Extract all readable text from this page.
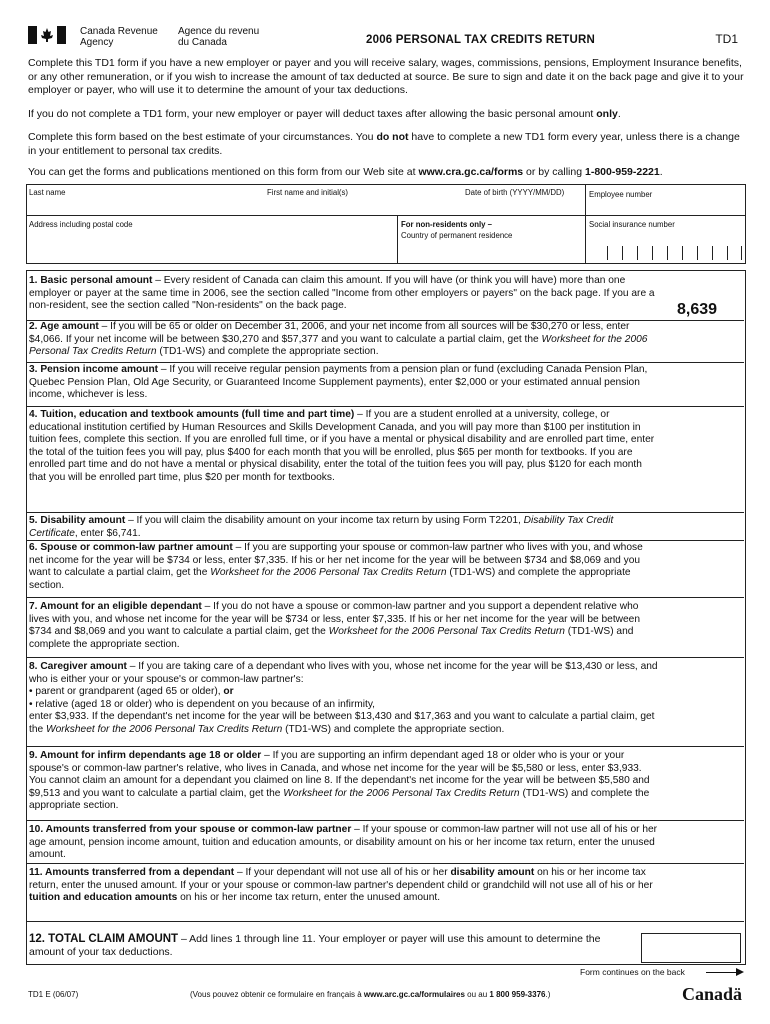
Canada Revenue
Agency
Agence du revenu
du Canada	2006 PERSONAL TAX CREDITS RETURN	TD1

Complete this TD1 form if you have a new employer or payer and you will receive salary, wages, commissions, pensions, Employment Insurance benefits, or any other remuneration, or if you wish to increase the amount of tax deducted at source. Be sure to sign and date it on the back page and give it to your employer or payer, who will use it to determine the amount of your tax deductions.

If you do not complete a TD1 form, your new employer or payer will deduct taxes after allowing the basic personal amount only.

Complete this form based on the best estimate of your circumstances. You do not have to complete a new TD1 form every year, unless there is a change in your entitlement to personal tax credits.

You can get the forms and publications mentioned on this form from our Web site at www.cra.gc.ca/forms or by calling 1-800-959-2221.

Last name	First name and initial(s)	Date of birth (YYYY/MM/DD)	Employee number
Address including postal code	For non-residents only –
Country of permanent residence
Social insurance number
1. Basic personal amount – Every resident of Canada can claim this amount. If you will have (or think you will have) more than one employer or payer at the same time in 2006, see the section called "Income from other employers or payers" on the back page. If you are a non-resident, see the section called "Non-residents" on the back page.	8,639
2. Age amount – If you will be 65 or older on December 31, 2006, and your net income from all sources will be $30,270 or less, enter $4,066. If your net income will be between $30,270 and $57,377 and you want to calculate a partial claim, get the Worksheet for the 2006 Personal Tax Credits Return (TD1-WS) and complete the appropriate section.
3. Pension income amount – If you will receive regular pension payments from a pension plan or fund (excluding Canada Pension Plan, Quebec Pension Plan, Old Age Security, or Guaranteed Income Supplement payments), enter $2,000 or your estimated annual pension income, whichever is less.
4. Tuition, education and textbook amounts (full time and part time) – If you are a student enrolled at a university, college, or educational institution certified by Human Resources and Skills Development Canada, and you will pay more than $100 per institution in tuition fees, complete this section. If you are enrolled full time, or if you have a mental or physical disability and are enrolled part time, enter the total of the tuition fees you will pay, plus $400 for each month that you will be enrolled, plus $65 per month for textbooks. If you are enrolled part time and do not have a mental or physical disability, enter the total of the tuition fees you will pay, plus $120 for each month that you will be enrolled part time, plus $20 per month for textbooks.
5. Disability amount – If you will claim the disability amount on your income tax return by using Form T2201, Disability Tax Credit Certificate, enter $6,741.
6. Spouse or common-law partner amount – If you are supporting your spouse or common-law partner who lives with you, and whose net income for the year will be $734 or less, enter $7,335. If his or her net income for the year will be between $734 and $8,069 and you want to calculate a partial claim, get the Worksheet for the 2006 Personal Tax Credits Return (TD1-WS) and complete the appropriate section.
7. Amount for an eligible dependant – If you do not have a spouse or common-law partner and you support a dependent relative who lives with you, and whose net income for the year will be $734 or less, enter $7,335. If his or her net income for the year will be between $734 and $8,069 and you want to calculate a partial claim, get the Worksheet for the 2006 Personal Tax Credits Return (TD1-WS) and complete the appropriate section.
8. Caregiver amount – If you are taking care of a dependant who lives with you, whose net income for the year will be $13,430 or less, and who is either your or your spouse's or common-law partner's:
• parent or grandparent (aged 65 or older), or
• relative (aged 18 or older) who is dependent on you because of an infirmity,
enter $3,933. If the dependant's net income for the year will be between $13,430 and $17,363 and you want to calculate a partial claim, get the Worksheet for the 2006 Personal Tax Credits Return (TD1-WS) and complete the appropriate section.
9. Amount for infirm dependants age 18 or older – If you are supporting an infirm dependant aged 18 or older who is your or your spouse's or common-law partner's relative, who lives in Canada, and whose net income for the year will be $5,580 or less, enter $3,933. You cannot claim an amount for a dependant you claimed on line 8. If the dependant's net income for the year will be between $5,580 and $9,513 and you want to calculate a partial claim, get the Worksheet for the 2006 Personal Tax Credits Return (TD1-WS) and complete the appropriate section.
10. Amounts transferred from your spouse or common-law partner – If your spouse or common-law partner will not use all of his or her age amount, pension income amount, tuition and education amounts, or disability amount on his or her income tax return, enter the unused amount.
11. Amounts transferred from a dependant – If your dependant will not use all of his or her disability amount on his or her income tax return, enter the unused amount. If your or your spouse or common-law partner's dependent child or grandchild will not use all of his or her tuition and education amounts on his or her income tax return, enter the unused amount.
12. TOTAL CLAIM AMOUNT – Add lines 1 through line 11. Your employer or payer will use this amount to determine the amount of your tax deductions.
Form continues on the back
TD1 E (06/07)	(Vous pouvez obtenir ce formulaire en français à www.arc.gc.ca/formulaires ou au 1 800 959-3376.)	Canadä
